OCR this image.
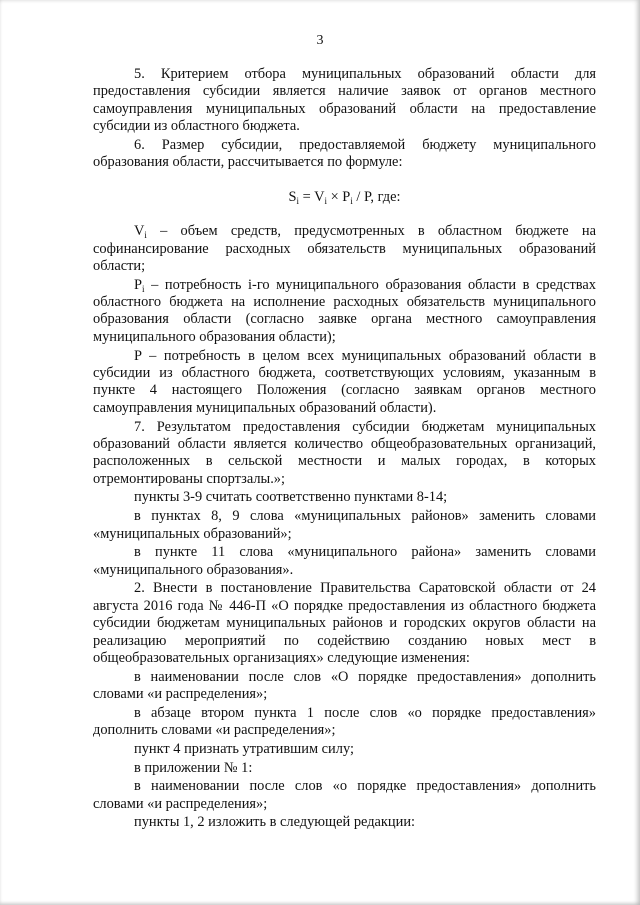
3

5. Критерием отбора муниципальных образований области для предоставления субсидии является наличие заявок от органов местного самоуправления муниципальных образований области на предоставление субсидии из областного бюджета.

6. Размер субсидии, предоставляемой бюджету муниципального образования области, рассчитывается по формуле:

$S_i = V_i \times P_i / P$, где:

$V_i$ – объем средств, предусмотренных в областном бюджете на софинансирование расходных обязательств муниципальных образований области;

$P_i$ – потребность i-го муниципального образования области в средствах областного бюджета на исполнение расходных обязательств муниципального образования области (согласно заявке органа местного самоуправления муниципального образования области);

P – потребность в целом всех муниципальных образований области в субсидии из областного бюджета, соответствующих условиям, указанным в пункте 4 настоящего Положения (согласно заявкам органов местного самоуправления муниципальных образований области).

7. Результатом предоставления субсидии бюджетам муниципальных образований области является количество общеобразовательных организаций, расположенных в сельской местности и малых городах, в которых отремонтированы спортзалы.»;

пункты 3-9 считать соответственно пунктами 8-14;

в пунктах 8, 9 слова «муниципальных районов» заменить словами «муниципальных образований»;

в пункте 11 слова «муниципального района» заменить словами «муниципального образования».

2. Внести в постановление Правительства Саратовской области от 24 августа 2016 года № 446-П «О порядке предоставления из областного бюджета субсидии бюджетам муниципальных районов и городских округов области на реализацию мероприятий по содействию созданию новых мест в общеобразовательных организациях» следующие изменения:

в наименовании после слов «О порядке предоставления» дополнить словами «и распределения»;

в абзаце втором пункта 1 после слов «о порядке предоставления» дополнить словами «и распределения»;

пункт 4 признать утратившим силу;

в приложении № 1:

в наименовании после слов «о порядке предоставления» дополнить словами «и распределения»;

пункты 1, 2 изложить в следующей редакции:
